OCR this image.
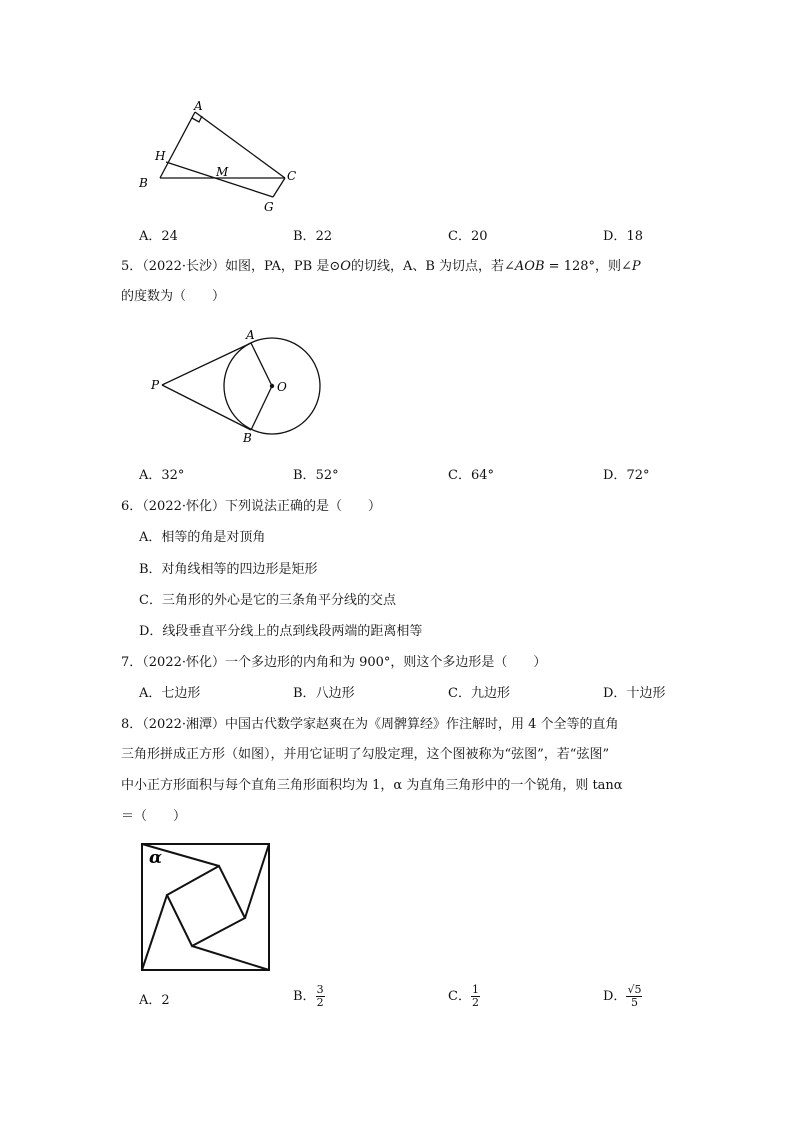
A
H
M	C
B
G
A．24	B．22	C．20	D．18
5．（2022·长沙）如图，PA，PB 是⊙O的切线，A、B 为切点，若∠AOB = 128°，则∠P
的度数为（　　）
A
P	O
B
A．32°	B．52°	C．64°	D．72°
6．（2022·怀化）下列说法正确的是（　　）
A．相等的角是对顶角
B．对角线相等的四边形是矩形
C．三角形的外心是它的三条角平分线的交点
D．线段垂直平分线上的点到线段两端的距离相等
7．（2022·怀化）一个多边形的内角和为 900°，则这个多边形是（　　）
A．七边形	B．八边形	C．九边形	D．十边形
8．（2022·湘潭）中国古代数学家赵爽在为《周髀算经》作注解时，用 4 个全等的直角
三角形拼成正方形（如图），并用它证明了勾股定理，这个图被称为“弦图”，若“弦图”
中小正方形面积与每个直角三角形面积均为 1，α 为直角三角形中的一个锐角，则 tanα
＝（　　）
α
A．2	B． $\frac{3}{2}$	C． $\frac{1}{2}$	D． $\frac{√5}{5}$
